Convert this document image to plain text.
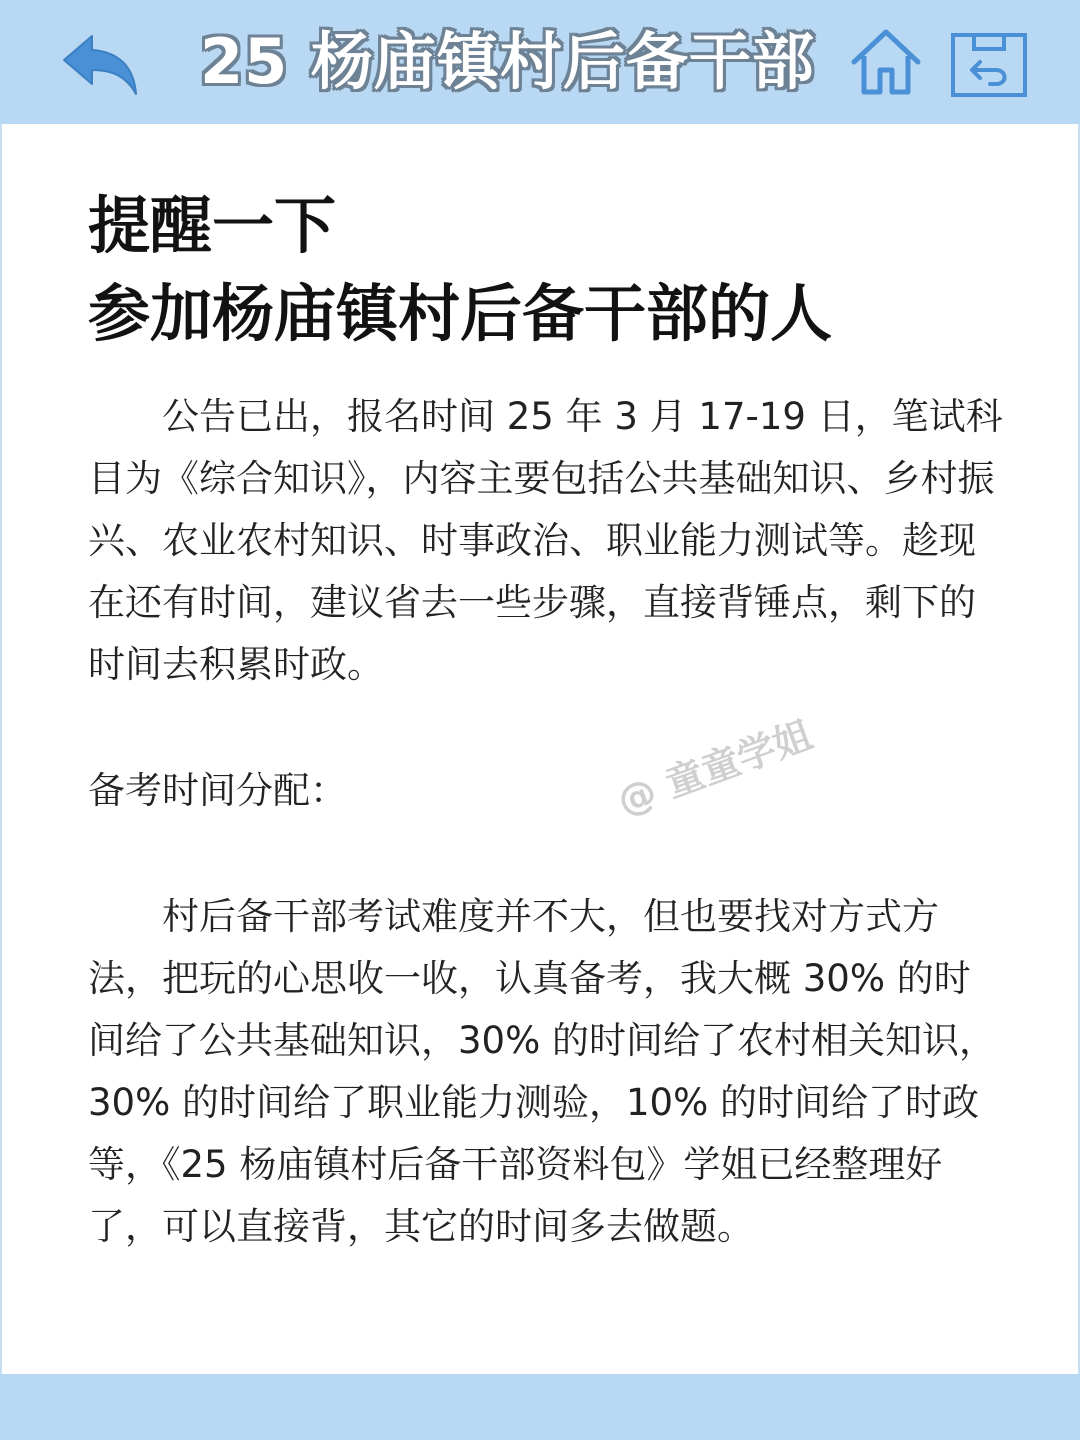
25 杨庙镇村后备干部
提醒一下
参加杨庙镇村后备干部的人

公告已出，报名时间 25 年 3 月 17-19 日，笔试科目为《综合知识》，内容主要包括公共基础知识、乡村振兴、农业农村知识、时事政治、职业能力测试等。趁现在还有时间，建议省去一些步骤，直接背锤点，剩下的时间去积累时政。

备考时间分配：	@ 童童学姐

村后备干部考试难度并不大，但也要找对方式方法，把玩的心思收一收，认真备考，我大概 30% 的时间给了公共基础知识，30% 的时间给了农村相关知识，30% 的时间给了职业能力测验，10% 的时间给了时政等，《25 杨庙镇村后备干部资料包》学姐已经整理好了，可以直接背，其它的时间多去做题。
